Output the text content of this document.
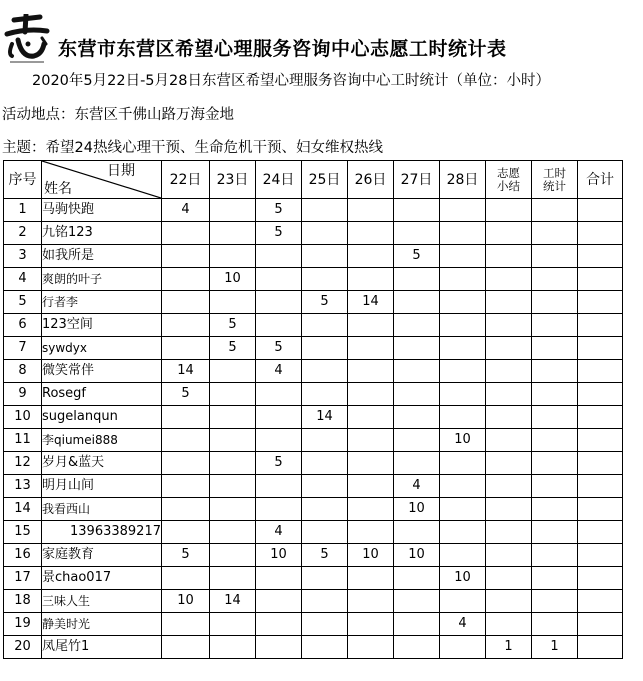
东营市东营区希望心理服务咨询中心志愿工时统计表
2020年5月22日-5月28日东营区希望心理服务咨询中心工时统计（单位：小时）
活动地点：东营区千佛山路万海金地
主题：希望24热线心理干预、生命危机干预、妇女维权热线
序号	日期
姓名	22日	23日	24日	25日	26日	27日	28日	志愿小结	工时统计	合计	
1	马驹快跑	4		5								
2	九铭123			5								
3	如我所是						5					
4	爽朗的叶子		10									
5	行者李				5	14						
6	123空间		5									
7	sywdyx		5	5								
8	微笑常伴	14		4								
9	Rosegf	5										
10	sugelanqun				14							
11	李qiumei888							10				
12	岁月&蓝天			5								
13	明月山间						4					
14	我看西山						10					
15	13963389217			4								
16	家庭教育	5		10	5	10	10					
17	景chao017							10				
18	三味人生	10	14									
19	静美时光							4				
20	凤尾竹1								1	1		
